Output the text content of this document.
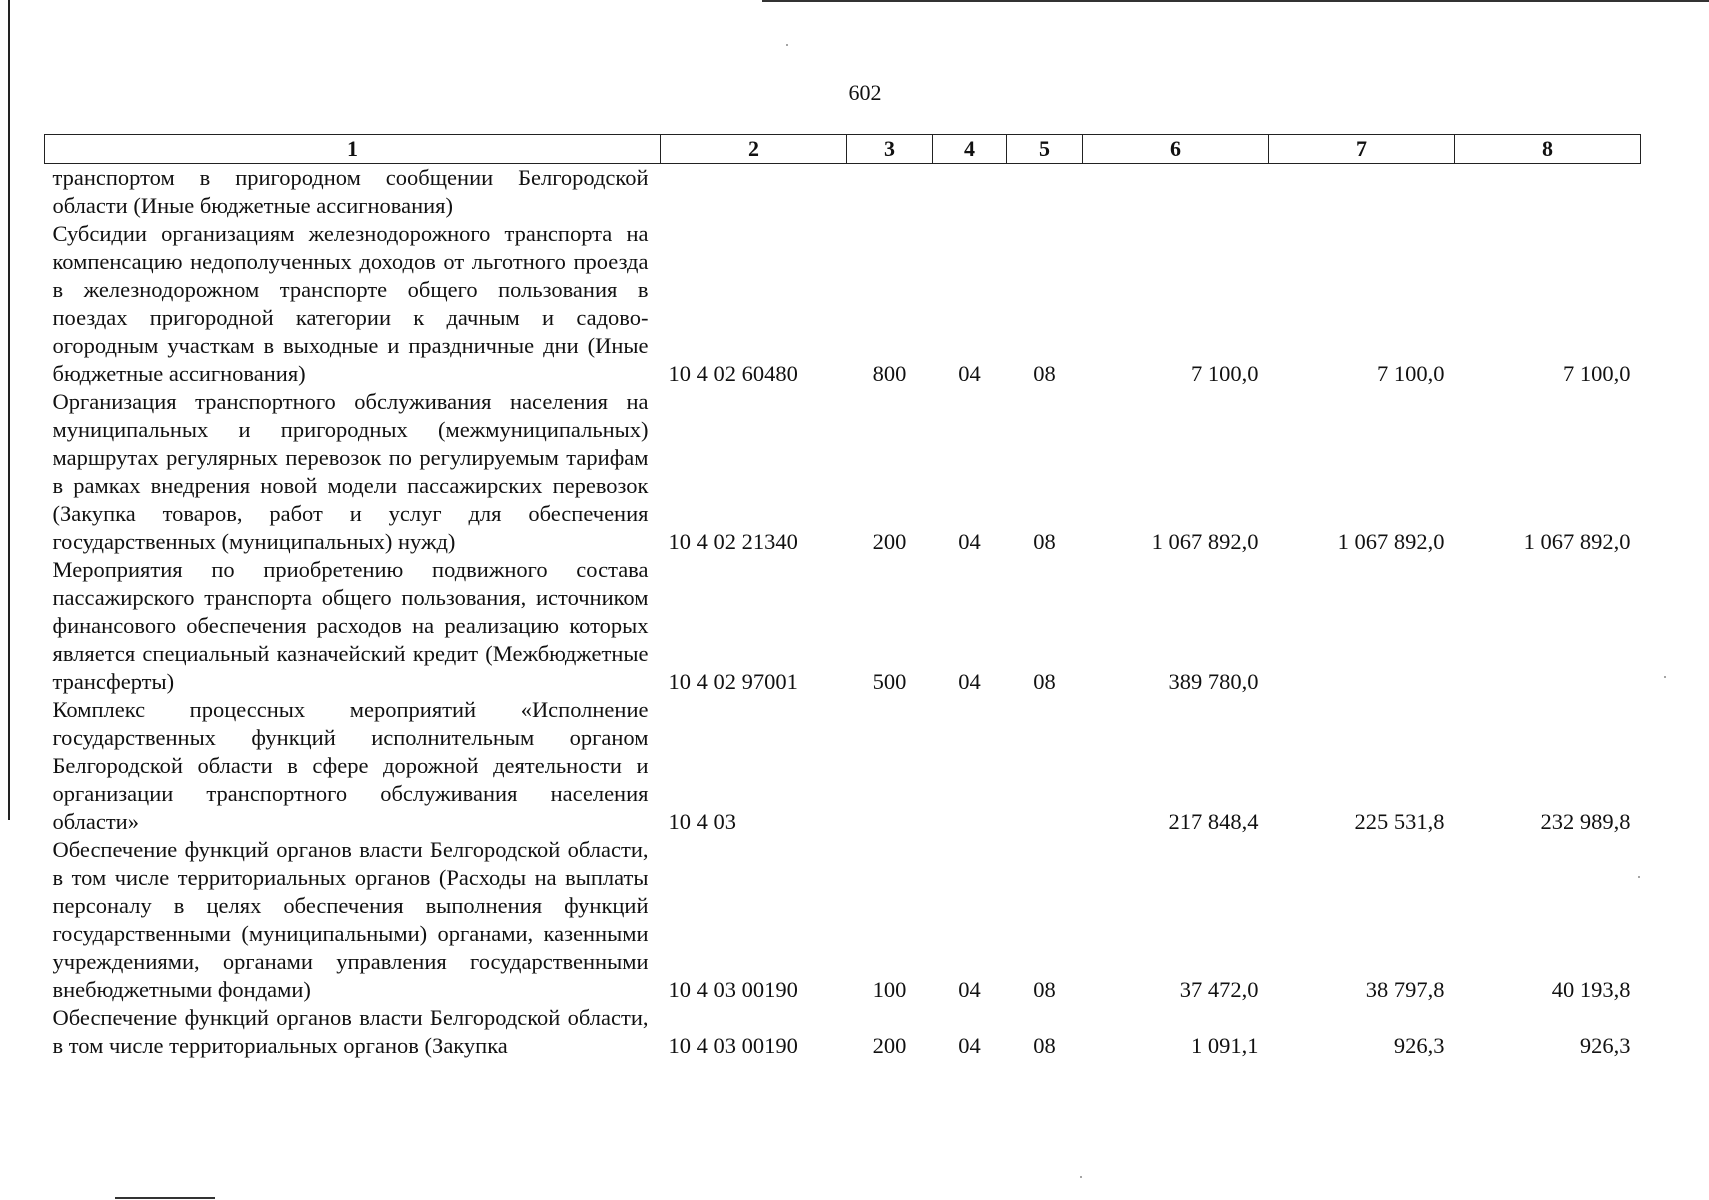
602
1	2	3	4	5	6	7	8
транспортом в пригородном сообщении Белгородской области (Иные бюджетные ассигнования)							
Субсидии организациям железнодорожного транспорта на компенсацию недополученных доходов от льготного проезда в железнодорожном транспорте общего пользования в поездах пригородной категории к дачным и садово-огородным участкам в выходные и праздничные дни (Иные бюджетные ассигнования)	10 4 02 60480	800	04	08	7 100,0	7 100,0	7 100,0
Организация транспортного обслуживания населения на муниципальных и пригородных (межмуниципальных) маршрутах регулярных перевозок по регулируемым тарифам в рамках внедрения новой модели пассажирских перевозок (Закупка товаров, работ и услуг для обеспечения государственных (муниципальных) нужд)	10 4 02 21340	200	04	08	1 067 892,0	1 067 892,0	1 067 892,0
Мероприятия по приобретению подвижного состава пассажирского транспорта общего пользования, источником финансового обеспечения расходов на реализацию которых является специальный казначейский кредит (Межбюджетные трансферты)	10 4 02 97001	500	04	08	389 780,0		
Комплекс процессных мероприятий «Исполнение государственных функций исполнительным органом Белгородской области в сфере дорожной деятельности и организации транспортного обслуживания населения области»	10 4 03				217 848,4	225 531,8	232 989,8
Обеспечение функций органов власти Белгородской области, в том числе территориальных органов (Расходы на выплаты персоналу в целях обеспечения выполнения функций государственными (муниципальными) органами, казенными учреждениями, органами управления государственными внебюджетными фондами)	10 4 03 00190	100	04	08	37 472,0	38 797,8	40 193,8
Обеспечение функций органов власти Белгородской области, в том числе территориальных органов (Закупка	10 4 03 00190	200	04	08	1 091,1	926,3	926,3
